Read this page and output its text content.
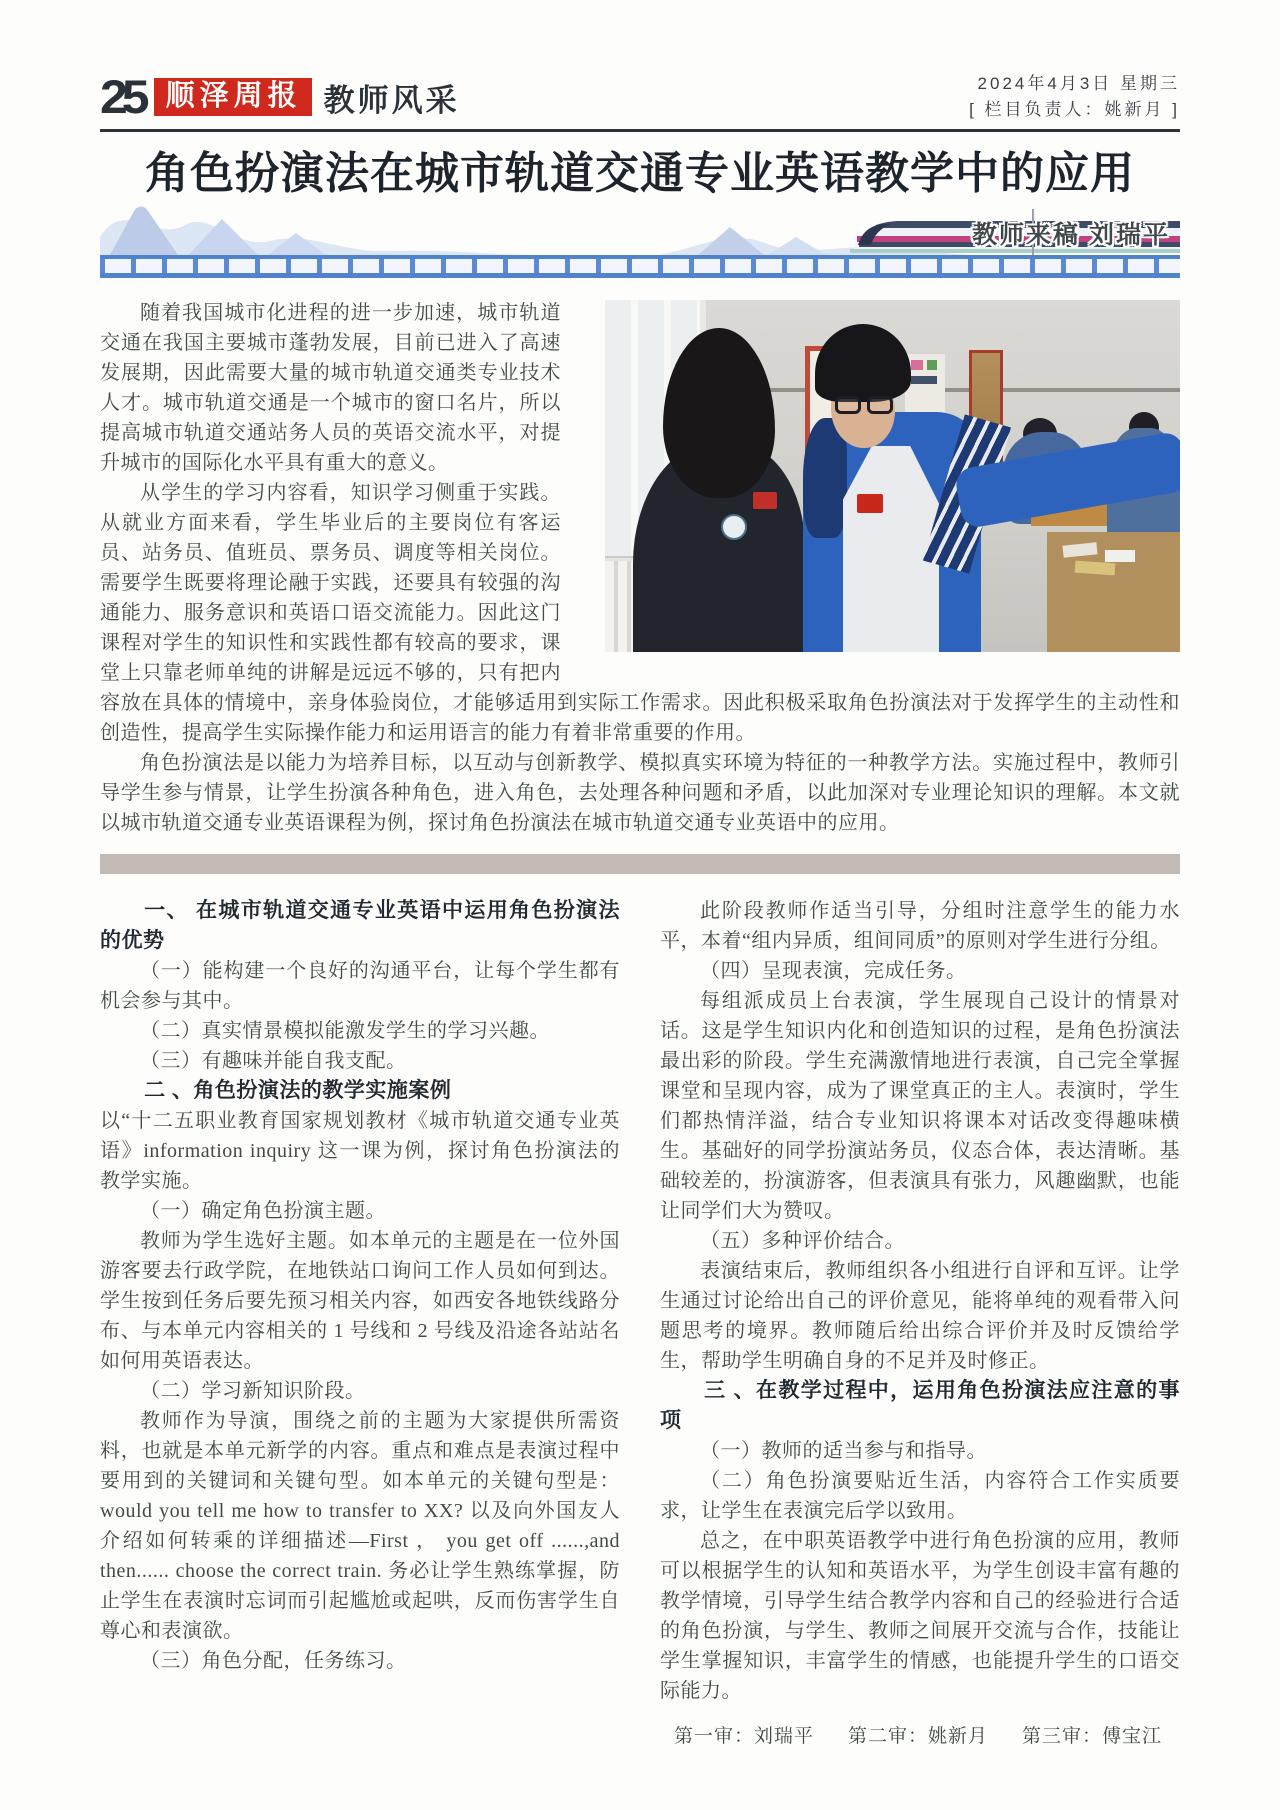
25 顺泽周报 教师风采	2024年4月3日 星期三
[ 栏目负责人：姚新月 ]
角色扮演法在城市轨道交通专业英语教学中的应用
教师来稿 刘瑞平

随着我国城市化进程的进一步加速，城市轨道交通在我国主要城市蓬勃发展，目前已进入了高速发展期，因此需要大量的城市轨道交通类专业技术人才。城市轨道交通是一个城市的窗口名片，所以提高城市轨道交通站务人员的英语交流水平，对提升城市的国际化水平具有重大的意义。

从学生的学习内容看，知识学习侧重于实践。从就业方面来看，学生毕业后的主要岗位有客运员、站务员、值班员、票务员、调度等相关岗位。需要学生既要将理论融于实践，还要具有较强的沟通能力、服务意识和英语口语交流能力。因此这门课程对学生的知识性和实践性都有较高的要求，课堂上只靠老师单纯的讲解是远远不够的，只有把内容放在具体的情境中，亲身体验岗位，才能够适用到实际工作需求。因此积极采取角色扮演法对于发挥学生的主动性和创造性，提高学生实际操作能力和运用语言的能力有着非常重要的作用。

角色扮演法是以能力为培养目标，以互动与创新教学、模拟真实环境为特征的一种教学方法。实施过程中，教师引导学生参与情景，让学生扮演各种角色，进入角色，去处理各种问题和矛盾，以此加深对专业理论知识的理解。本文就以城市轨道交通专业英语课程为例，探讨角色扮演法在城市轨道交通专业英语中的应用。

一、 在城市轨道交通专业英语中运用角色扮演法的优势

（一）能构建一个良好的沟通平台，让每个学生都有机会参与其中。

（二）真实情景模拟能激发学生的学习兴趣。

（三）有趣味并能自我支配。

二 、角色扮演法的教学实施案例

以“十二五职业教育国家规划教材《城市轨道交通专业英语》information inquiry 这一课为例，探讨角色扮演法的教学实施。

（一）确定角色扮演主题。

教师为学生选好主题。如本单元的主题是在一位外国游客要去行政学院，在地铁站口询问工作人员如何到达。学生按到任务后要先预习相关内容，如西安各地铁线路分布、与本单元内容相关的 1 号线和 2 号线及沿途各站站名如何用英语表达。

（二）学习新知识阶段。

教师作为导演，围绕之前的主题为大家提供所需资料，也就是本单元新学的内容。重点和难点是表演过程中要用到的关键词和关键句型。如本单元的关键句型是：would you tell me how to transfer to XX? 以及向外国友人介绍如何转乘的详细描述—First ， you get off ......,and then...... choose the correct train. 务必让学生熟练掌握，防止学生在表演时忘词而引起尴尬或起哄，反而伤害学生自尊心和表演欲。

（三）角色分配，任务练习。

此阶段教师作适当引导，分组时注意学生的能力水平，本着“组内异质，组间同质”的原则对学生进行分组。

（四）呈现表演，完成任务。

每组派成员上台表演，学生展现自己设计的情景对话。这是学生知识内化和创造知识的过程，是角色扮演法最出彩的阶段。学生充满激情地进行表演，自己完全掌握课堂和呈现内容，成为了课堂真正的主人。表演时，学生们都热情洋溢，结合专业知识将课本对话改变得趣味横生。基础好的同学扮演站务员，仪态合体，表达清晰。基础较差的，扮演游客，但表演具有张力，风趣幽默，也能让同学们大为赞叹。

（五）多种评价结合。

表演结束后，教师组织各小组进行自评和互评。让学生通过讨论给出自己的评价意见，能将单纯的观看带入问题思考的境界。教师随后给出综合评价并及时反馈给学生，帮助学生明确自身的不足并及时修正。

三 、在教学过程中，运用角色扮演法应注意的事项

（一）教师的适当参与和指导。

（二）角色扮演要贴近生活，内容符合工作实质要求，让学生在表演完后学以致用。

总之，在中职英语教学中进行角色扮演的应用，教师可以根据学生的认知和英语水平，为学生创设丰富有趣的教学情境，引导学生结合教学内容和自己的经验进行合适的角色扮演，与学生、教师之间展开交流与合作，技能让学生掌握知识，丰富学生的情感，也能提升学生的口语交际能力。

第一审：刘瑞平 第二审：姚新月 第三审：傅宝江
